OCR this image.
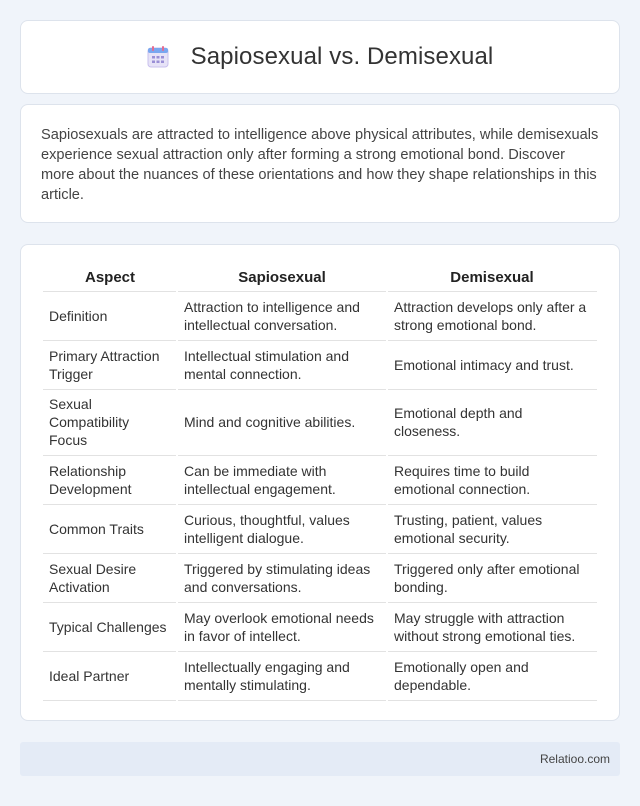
Sapiosexual vs. Demisexual

Sapiosexuals are attracted to intelligence above physical attributes, while demisexuals experience sexual attraction only after forming a strong emotional bond. Discover more about the nuances of these orientations and how they shape relationships in this article.

Aspect	Sapiosexual	Demisexual
Definition	Attraction to intelligence and intellectual conversation.	Attraction develops only after a strong emotional bond.
Primary Attraction Trigger	Intellectual stimulation and mental connection.	Emotional intimacy and trust.
Sexual Compatibility Focus	Mind and cognitive abilities.	Emotional depth and closeness.
Relationship Development	Can be immediate with intellectual engagement.	Requires time to build emotional connection.
Common Traits	Curious, thoughtful, values intelligent dialogue.	Trusting, patient, values emotional security.
Sexual Desire Activation	Triggered by stimulating ideas and conversations.	Triggered only after emotional bonding.
Typical Challenges	May overlook emotional needs in favor of intellect.	May struggle with attraction without strong emotional ties.
Ideal Partner	Intellectually engaging and mentally stimulating.	Emotionally open and dependable.
Relatioo.com
